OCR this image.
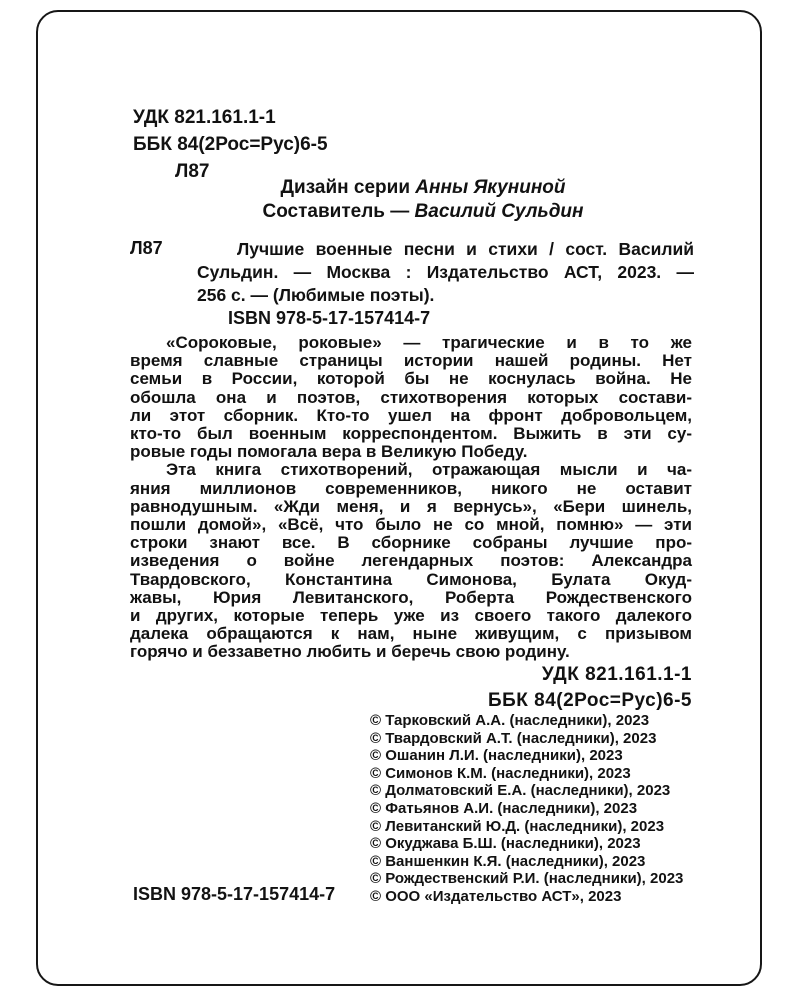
УДК 821.161.1-1
ББК 84(2Рос=Рус)6-5
Л87
Дизайн серии Анны Якуниной
Составитель — Василий Сульдин
Л87	Лучшие военные песни и стихи / сост. Василий
Сульдин. — Москва : Издательство АСТ, 2023. —
256 с. — (Любимые поэты).
ISBN 978-5-17-157414-7
«Сороковые, роковые» — трагические и в то же
время славные страницы истории нашей родины. Нет
семьи в России, которой бы не коснулась война. Не
обошла она и поэтов, стихотворения которых состави-
ли этот сборник. Кто-то ушел на фронт добровольцем,
кто-то был военным корреспондентом. Выжить в эти су-
ровые годы помогала вера в Великую Победу.
Эта книга стихотворений, отражающая мысли и ча-
яния миллионов современников, никого не оставит
равнодушным. «Жди меня, и я вернусь», «Бери шинель,
пошли домой», «Всё, что было не со мной, помню» — эти
строки знают все. В сборнике собраны лучшие про-
изведения о войне легендарных поэтов: Александра
Твардовского, Константина Симонова, Булата Окуд-
жавы, Юрия Левитанского, Роберта Рождественского
и других, которые теперь уже из своего такого далекого
далека обращаются к нам, ныне живущим, с призывом
горячо и беззаветно любить и беречь свою родину.
УДК 821.161.1-1
ББК 84(2Рос=Рус)6-5
© Тарковский А.А. (наследники), 2023
© Твардовский А.Т. (наследники), 2023
© Ошанин Л.И. (наследники), 2023
© Симонов К.М. (наследники), 2023
© Долматовский Е.А. (наследники), 2023
© Фатьянов А.И. (наследники), 2023
© Левитанский Ю.Д. (наследники), 2023
© Окуджава Б.Ш. (наследники), 2023
© Ваншенкин К.Я. (наследники), 2023
© Рождественский Р.И. (наследники), 2023
© ООО «Издательство АСТ», 2023
ISBN 978-5-17-157414-7
